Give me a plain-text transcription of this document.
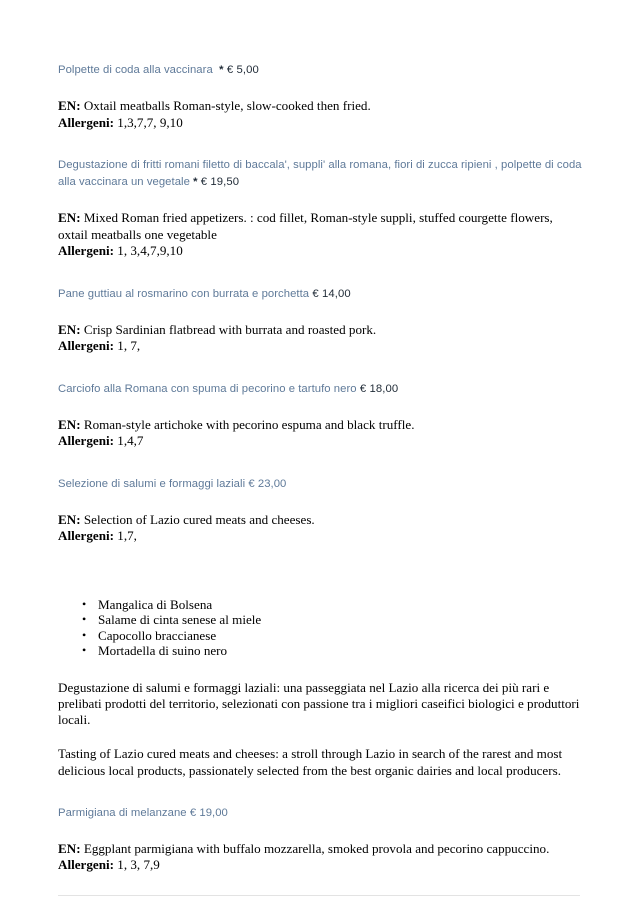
Polpette di coda alla vaccinara * € 5,00

EN: Oxtail meatballs Roman-style, slow-cooked then fried.

Allergeni: 1,3,7,7, 9,10

Degustazione di fritti romani filetto di baccala', suppli' alla romana, fiori di zucca ripieni , polpette di coda alla vaccinara un vegetale * € 19,50

EN: Mixed Roman fried appetizers. : cod fillet, Roman-style suppli, stuffed courgette flowers, oxtail meatballs one vegetable

Allergeni: 1, 3,4,7,9,10

Pane guttiau al rosmarino con burrata e porchetta € 14,00

EN: Crisp Sardinian flatbread with burrata and roasted pork.

Allergeni: 1, 7,

Carciofo alla Romana con spuma di pecorino e tartufo nero € 18,00

EN: Roman-style artichoke with pecorino espuma and black truffle.

Allergeni: 1,4,7

Selezione di salumi e formaggi laziali € 23,00

EN: Selection of Lazio cured meats and cheeses.

Allergeni: 1,7,

• Mangalica di Bolsena
• Salame di cinta senese al miele
• Capocollo braccianese
• Mortadella di suino nero

Degustazione di salumi e formaggi laziali: una passeggiata nel Lazio alla ricerca dei più rari e prelibati prodotti del territorio, selezionati con passione tra i migliori caseifici biologici e produttori locali.

Tasting of Lazio cured meats and cheeses: a stroll through Lazio in search of the rarest and most delicious local products, passionately selected from the best organic dairies and local producers.

Parmigiana di melanzane € 19,00

EN: Eggplant parmigiana with buffalo mozzarella, smoked provola and pecorino cappuccino.

Allergeni: 1, 3, 7,9
